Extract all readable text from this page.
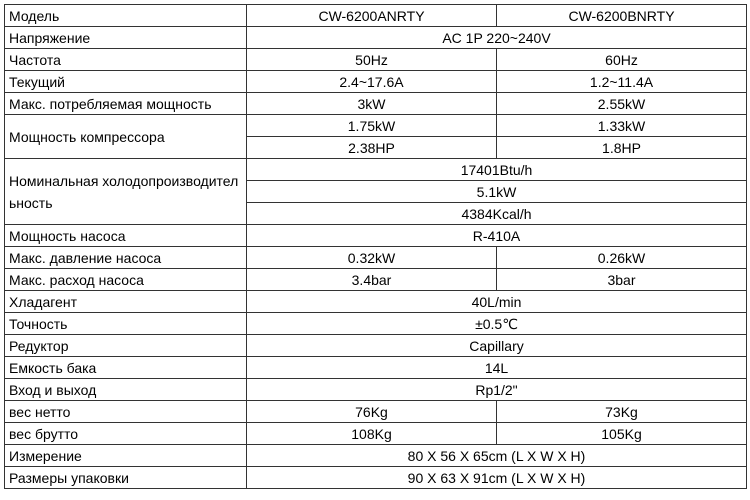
Модель	CW-6200ANRTY	CW-6200BNRTY
Напряжение	AC 1P 220~240V	
Частота	50Hz	60Hz
Текущий	2.4~17.6A	1.2~11.4A
Макс. потребляемая мощность	3kW	2.55kW
Мощность компрессора	1.75kW	1.33kW
	2.38HP	1.8HP
Номинальная холодопроизводительность	17401Btu/h	
	5.1kW	
	4384Kcal/h	
Мощность насоса	R-410A	
Макс. давление насоса	0.32kW	0.26kW
Макс. расход насоса	3.4bar	3bar
Хладагент	40L/min	
Точность	±0.5℃	
Редуктор	Capillary	
Емкость бака	14L	
Вход и выход	Rp1/2"	
вес нетто	76Kg	73Kg
вес брутто	108Kg	105Kg
Измерение	80 X 56 X 65cm (L X W X H)	
Размеры упаковки	90 X 63 X 91cm (L X W X H)	
